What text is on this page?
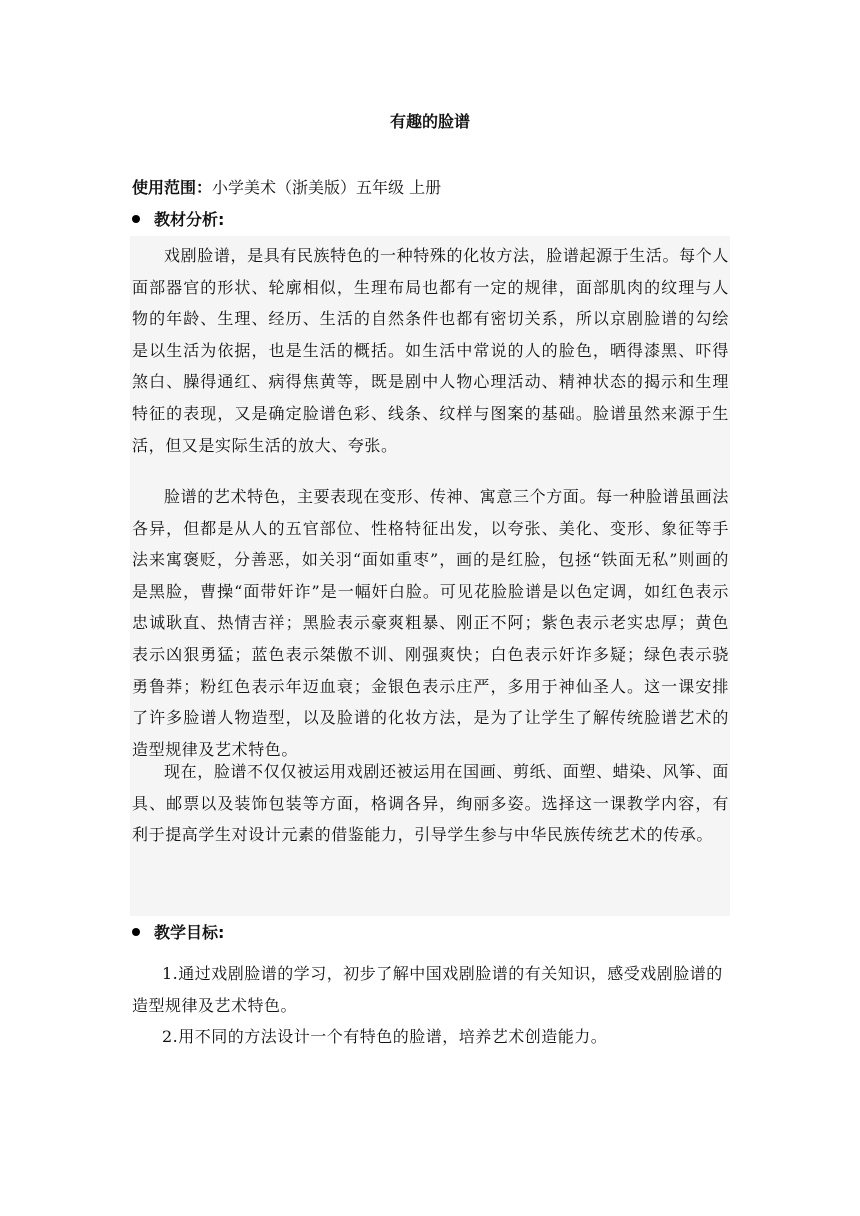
有趣的脸谱
使用范围：小学美术（浙美版）五年级 上册
教材分析:
戏剧脸谱，是具有民族特色的一种特殊的化妆方法，脸谱起源于生活。每个人面部器官的形状、轮廓相似，生理布局也都有一定的规律，面部肌肉的纹理与人物的年龄、生理、经历、生活的自然条件也都有密切关系，所以京剧脸谱的勾绘是以生活为依据，也是生活的概括。如生活中常说的人的脸色，晒得漆黑、吓得煞白、臊得通红、病得焦黄等，既是剧中人物心理活动、精神状态的揭示和生理特征的表现，又是确定脸谱色彩、线条、纹样与图案的基础。脸谱虽然来源于生活，但又是实际生活的放大、夸张。
脸谱的艺术特色，主要表现在变形、传神、寓意三个方面。每一种脸谱虽画法各异，但都是从人的五官部位、性格特征出发，以夸张、美化、变形、象征等手法来寓褒贬，分善恶，如关羽“面如重枣”，画的是红脸，包拯“铁面无私”则画的是黑脸，曹操“面带奸诈”是一幅奸白脸。可见花脸脸谱是以色定调，如红色表示忠诚耿直、热情吉祥；黑脸表示豪爽粗暴、刚正不阿；紫色表示老实忠厚；黄色表示凶狠勇猛；蓝色表示桀傲不训、刚强爽快；白色表示奸诈多疑；绿色表示骁勇鲁莽；粉红色表示年迈血衰；金银色表示庄严，多用于神仙圣人。这一课安排了许多脸谱人物造型，以及脸谱的化妆方法，是为了让学生了解传统脸谱艺术的造型规律及艺术特色。
现在，脸谱不仅仅被运用戏剧还被运用在国画、剪纸、面塑、蜡染、风筝、面具、邮票以及装饰包装等方面，格调各异，绚丽多姿。选择这一课教学内容，有利于提高学生对设计元素的借鉴能力，引导学生参与中华民族传统艺术的传承。
教学目标:
1.通过戏剧脸谱的学习，初步了解中国戏剧脸谱的有关知识，感受戏剧脸谱的造型规律及艺术特色。
2.用不同的方法设计一个有特色的脸谱，培养艺术创造能力。
